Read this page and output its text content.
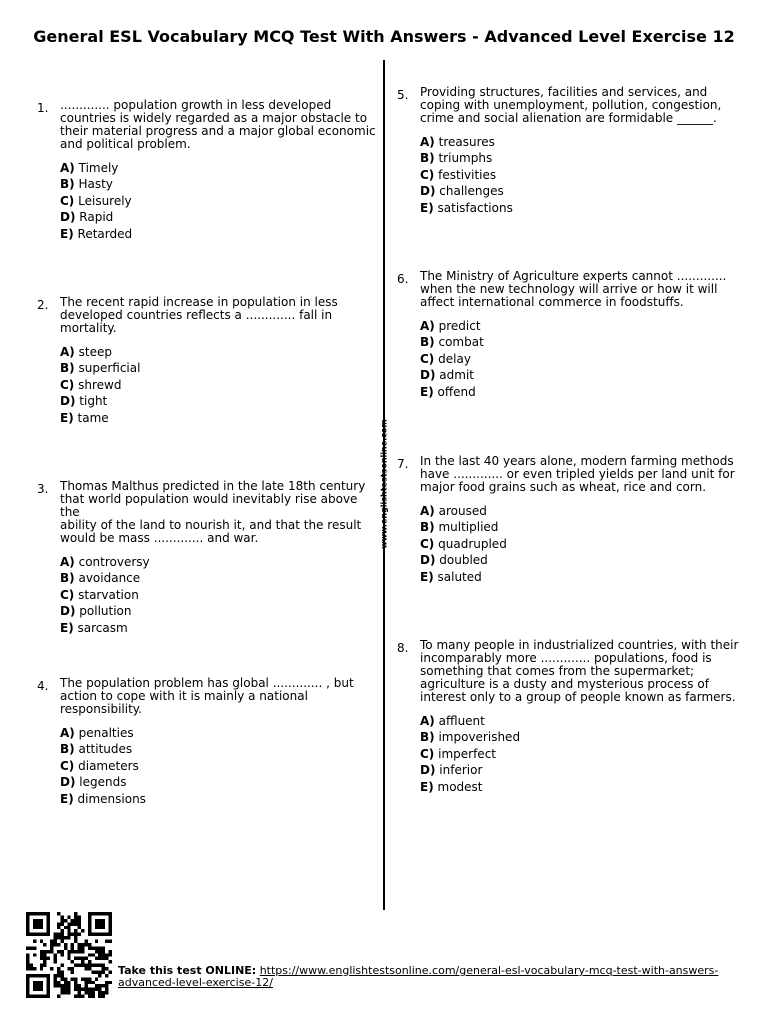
General ESL Vocabulary MCQ Test With Answers - Advanced Level Exercise 12
www.englishtestsonline.com
1. ............. population growth in less developed
countries is widely regarded as a major obstacle to
their material progress and a major global economic
and political problem.

A) Timely
B) Hasty
C) Leisurely
D) Rapid
E) Retarded
2. The recent rapid increase in population in less
developed countries reflects a ............. fall in
mortality.

A) steep
B) superficial
C) shrewd
D) tight
E) tame
3. Thomas Malthus predicted in the late 18th century
that world population would inevitably rise above the
ability of the land to nourish it, and that the result
would be mass ............. and war.

A) controversy
B) avoidance
C) starvation
D) pollution
E) sarcasm
4. The population problem has global ............. , but
action to cope with it is mainly a national
responsibility.

A) penalties
B) attitudes
C) diameters
D) legends
E) dimensions
5. Providing structures, facilities and services, and
coping with unemployment, pollution, congestion,
crime and social alienation are formidable ______.

A) treasures
B) triumphs
C) festivities
D) challenges
E) satisfactions
6. The Ministry of Agriculture experts cannot .............
when the new technology will arrive or how it will
affect international commerce in foodstuffs.

A) predict
B) combat
C) delay
D) admit
E) offend
7. In the last 40 years alone, modern farming methods
have ............. or even tripled yields per land unit for
major food grains such as wheat, rice and corn.

A) aroused
B) multiplied
C) quadrupled
D) doubled
E) saluted
8. To many people in industrialized countries, with their
incomparably more ............. populations, food is
something that comes from the supermarket;
agriculture is a dusty and mysterious process of
interest only to a group of people known as farmers.

A) affluent
B) impoverished
C) imperfect
D) inferior
E) modest
Take this test ONLINE: https://www.englishtestsonline.com/general-esl-vocabulary-mcq-test-with-answers-advanced-level-exercise-12/
